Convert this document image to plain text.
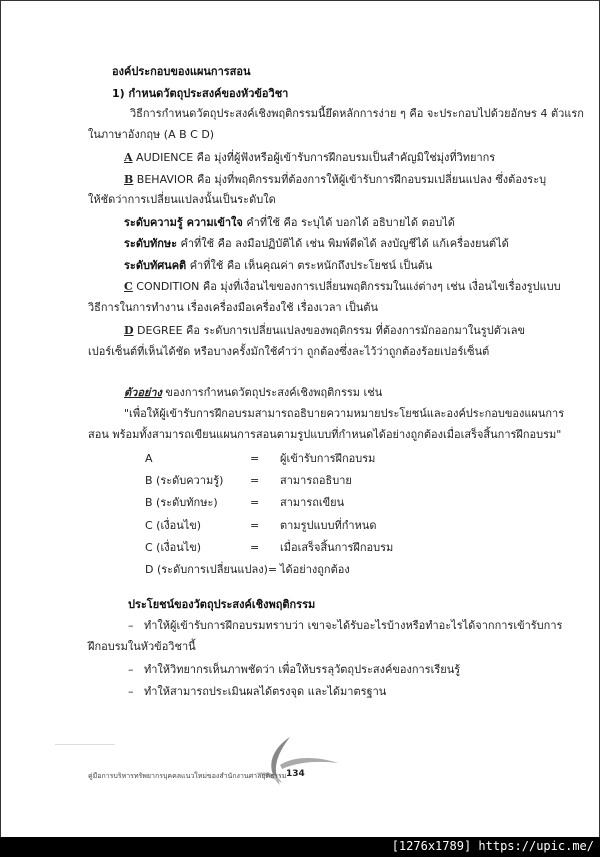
องค์ประกอบของแผนการสอน
1) กำหนดวัตถุประสงค์ของหัวข้อวิชา
วิธีการกำหนดวัตถุประสงค์เชิงพฤติกรรมนี้ยึดหลักการง่าย ๆ คือ จะประกอบไปด้วยอักษร 4 ตัวแรก
ในภาษาอังกฤษ (A B C D)
A AUDIENCE คือ มุ่งที่ผู้ฟังหรือผู้เข้ารับการฝึกอบรมเป็นสำคัญมิใช่มุ่งที่วิทยากร
B BEHAVIOR คือ มุ่งที่พฤติกรรมที่ต้องการให้ผู้เข้ารับการฝึกอบรมเปลี่ยนแปลง ซึ่งต้องระบุ
ให้ชัดว่าการเปลี่ยนแปลงนั้นเป็นระดับใด
ระดับความรู้ ความเข้าใจ คำที่ใช้ คือ ระบุได้ บอกได้ อธิบายได้ ตอบได้
ระดับทักษะ คำที่ใช้ คือ ลงมือปฏิบัติได้ เช่น พิมพ์ดีดได้ ลงบัญชีได้ แก้เครื่องยนต์ได้
ระดับทัศนคติ คำที่ใช้ คือ เห็นคุณค่า ตระหนักถึงประโยชน์ เป็นต้น
C CONDITION คือ มุ่งที่เงื่อนไขของการเปลี่ยนพฤติกรรมในแง่ต่างๆ เช่น เงื่อนไขเรื่องรูปแบบ
วิธีการในการทำงาน เรื่องเครื่องมือเครื่องใช้ เรื่องเวลา เป็นต้น
D DEGREE คือ ระดับการเปลี่ยนแปลงของพฤติกรรม ที่ต้องการมักออกมาในรูปตัวเลข
เปอร์เซ็นต์ที่เห็นได้ชัด หรือบางครั้งมักใช้คำว่า ถูกต้องซึ่งละไว้ว่าถูกต้องร้อยเปอร์เซ็นต์
ตัวอย่าง ของการกำหนดวัตถุประสงค์เชิงพฤติกรรม เช่น
"เพื่อให้ผู้เข้ารับการฝึกอบรมสามารถอธิบายความหมายประโยชน์และองค์ประกอบของแผนการ
สอน พร้อมทั้งสามารถเขียนแผนการสอนตามรูปแบบที่กำหนดได้อย่างถูกต้องเมื่อเสร็จสิ้นการฝึกอบรม"
A	= ผู้เข้ารับการฝึกอบรม
B (ระดับความรู้) = สามารถอธิบาย
B (ระดับทักษะ)	= สามารถเขียน
C (เงื่อนไข)	= ตามรูปแบบที่กำหนด
C (เงื่อนไข)	= เมื่อเสร็จสิ้นการฝึกอบรม
D (ระดับการเปลี่ยนแปลง)= ได้อย่างถูกต้อง
ประโยชน์ของวัตถุประสงค์เชิงพฤติกรรม
– ทำให้ผู้เข้ารับการฝึกอบรมทราบว่า เขาจะได้รับอะไรบ้างหรือทำอะไรได้จากการเข้ารับการ
ฝึกอบรมในหัวข้อวิชานี้
– ทำให้วิทยากรเห็นภาพชัดว่า เพื่อให้บรรลุวัตถุประสงค์ของการเรียนรู้
– ทำให้สามารถประเมินผลได้ตรงจุด และได้มาตรฐาน
คู่มือการบริหารทรัพยากรบุคคลแนวใหม่ของสำนักงานศาลยุติธรรม 134
[1276x1789] https://upic.me/
